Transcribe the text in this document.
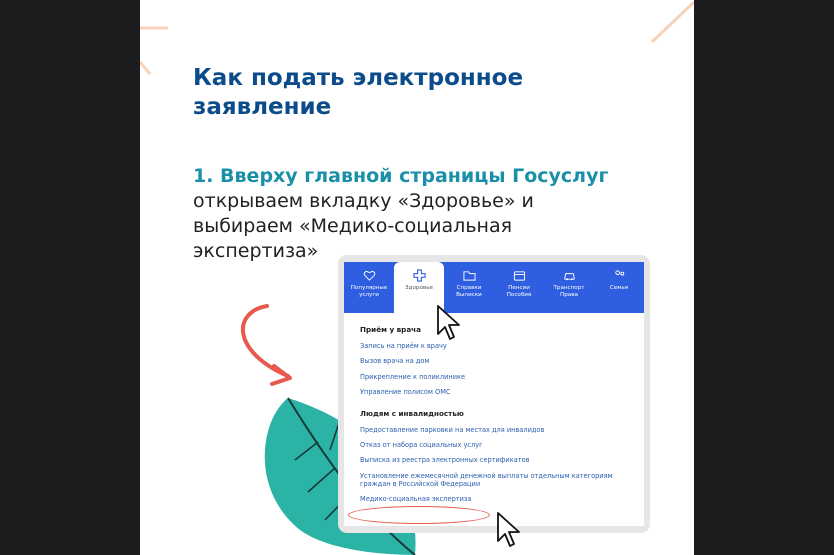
Как подать электронное
заявление
1. Вверху главной страницы Госуслуг
открываем вкладку «Здоровье» и
выбираем «Медико-социальная
экспертиза»
Популярные
услуги
Здоровье	Справки
Выписки
Пенсии
Пособия
Транспорт
Права
Семья
Приём у врача
Запись на приём к врачу
Вызов врача на дом
Прикрепление к поликлинике
Управление полисом ОМС
Людям с инвалидностью
Предоставление парковки на местах для инвалидов
Отказ от набора социальных услуг
Выписка из реестра электронных сертификатов
Установление ежемесячной денежной выплаты отдельным категориям
граждан в Российской Федерации
Медико-социальная экспертиза
